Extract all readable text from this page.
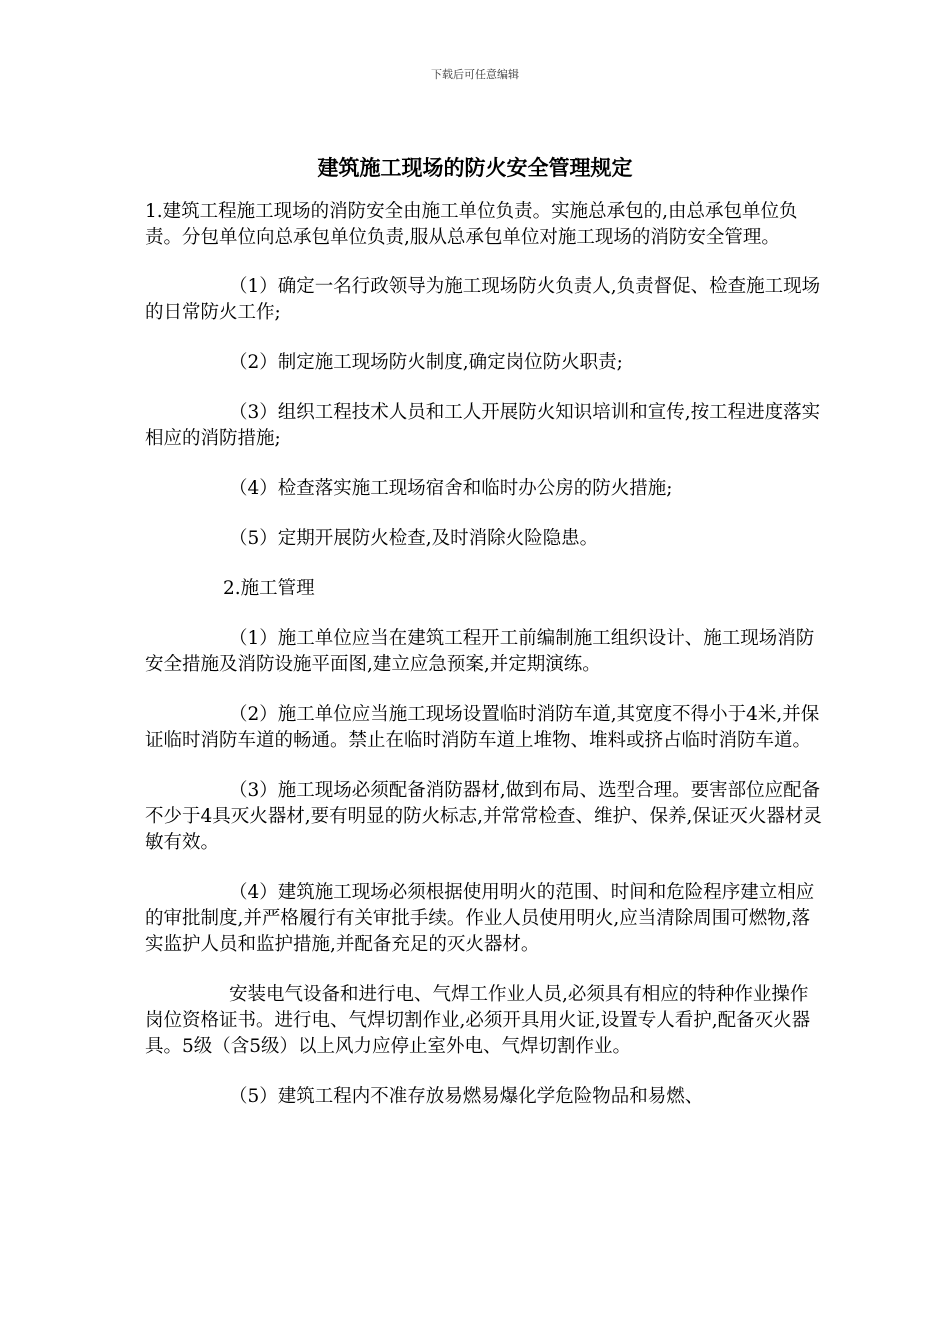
下载后可任意编辑
建筑施工现场的防火安全管理规定

1.建筑工程施工现场的消防安全由施工单位负责。实施总承包的,由总承包单位负责。分包单位向总承包单位负责,服从总承包单位对施工现场的消防安全管理。

（1）确定一名行政领导为施工现场防火负责人,负责督促、检查施工现场的日常防火工作;

（2）制定施工现场防火制度,确定岗位防火职责;

（3）组织工程技术人员和工人开展防火知识培训和宣传,按工程进度落实相应的消防措施;

（4）检查落实施工现场宿舍和临时办公房的防火措施;

（5）定期开展防火检查,及时消除火险隐患。

2.施工管理

（1）施工单位应当在建筑工程开工前编制施工组织设计、施工现场消防安全措施及消防设施平面图,建立应急预案,并定期演练。

（2）施工单位应当施工现场设置临时消防车道,其宽度不得小于4米,并保证临时消防车道的畅通。禁止在临时消防车道上堆物、堆料或挤占临时消防车道。

（3）施工现场必须配备消防器材,做到布局、选型合理。要害部位应配备不少于4具灭火器材,要有明显的防火标志,并常常检查、维护、保养,保证灭火器材灵敏有效。

（4）建筑施工现场必须根据使用明火的范围、时间和危险程序建立相应的审批制度,并严格履行有关审批手续。作业人员使用明火,应当清除周围可燃物,落实监护人员和监护措施,并配备充足的灭火器材。

安装电气设备和进行电、气焊工作业人员,必须具有相应的特种作业操作岗位资格证书。进行电、气焊切割作业,必须开具用火证,设置专人看护,配备灭火器具。5级（含5级）以上风力应停止室外电、气焊切割作业。

（5）建筑工程内不准存放易燃易爆化学危险物品和易燃、
